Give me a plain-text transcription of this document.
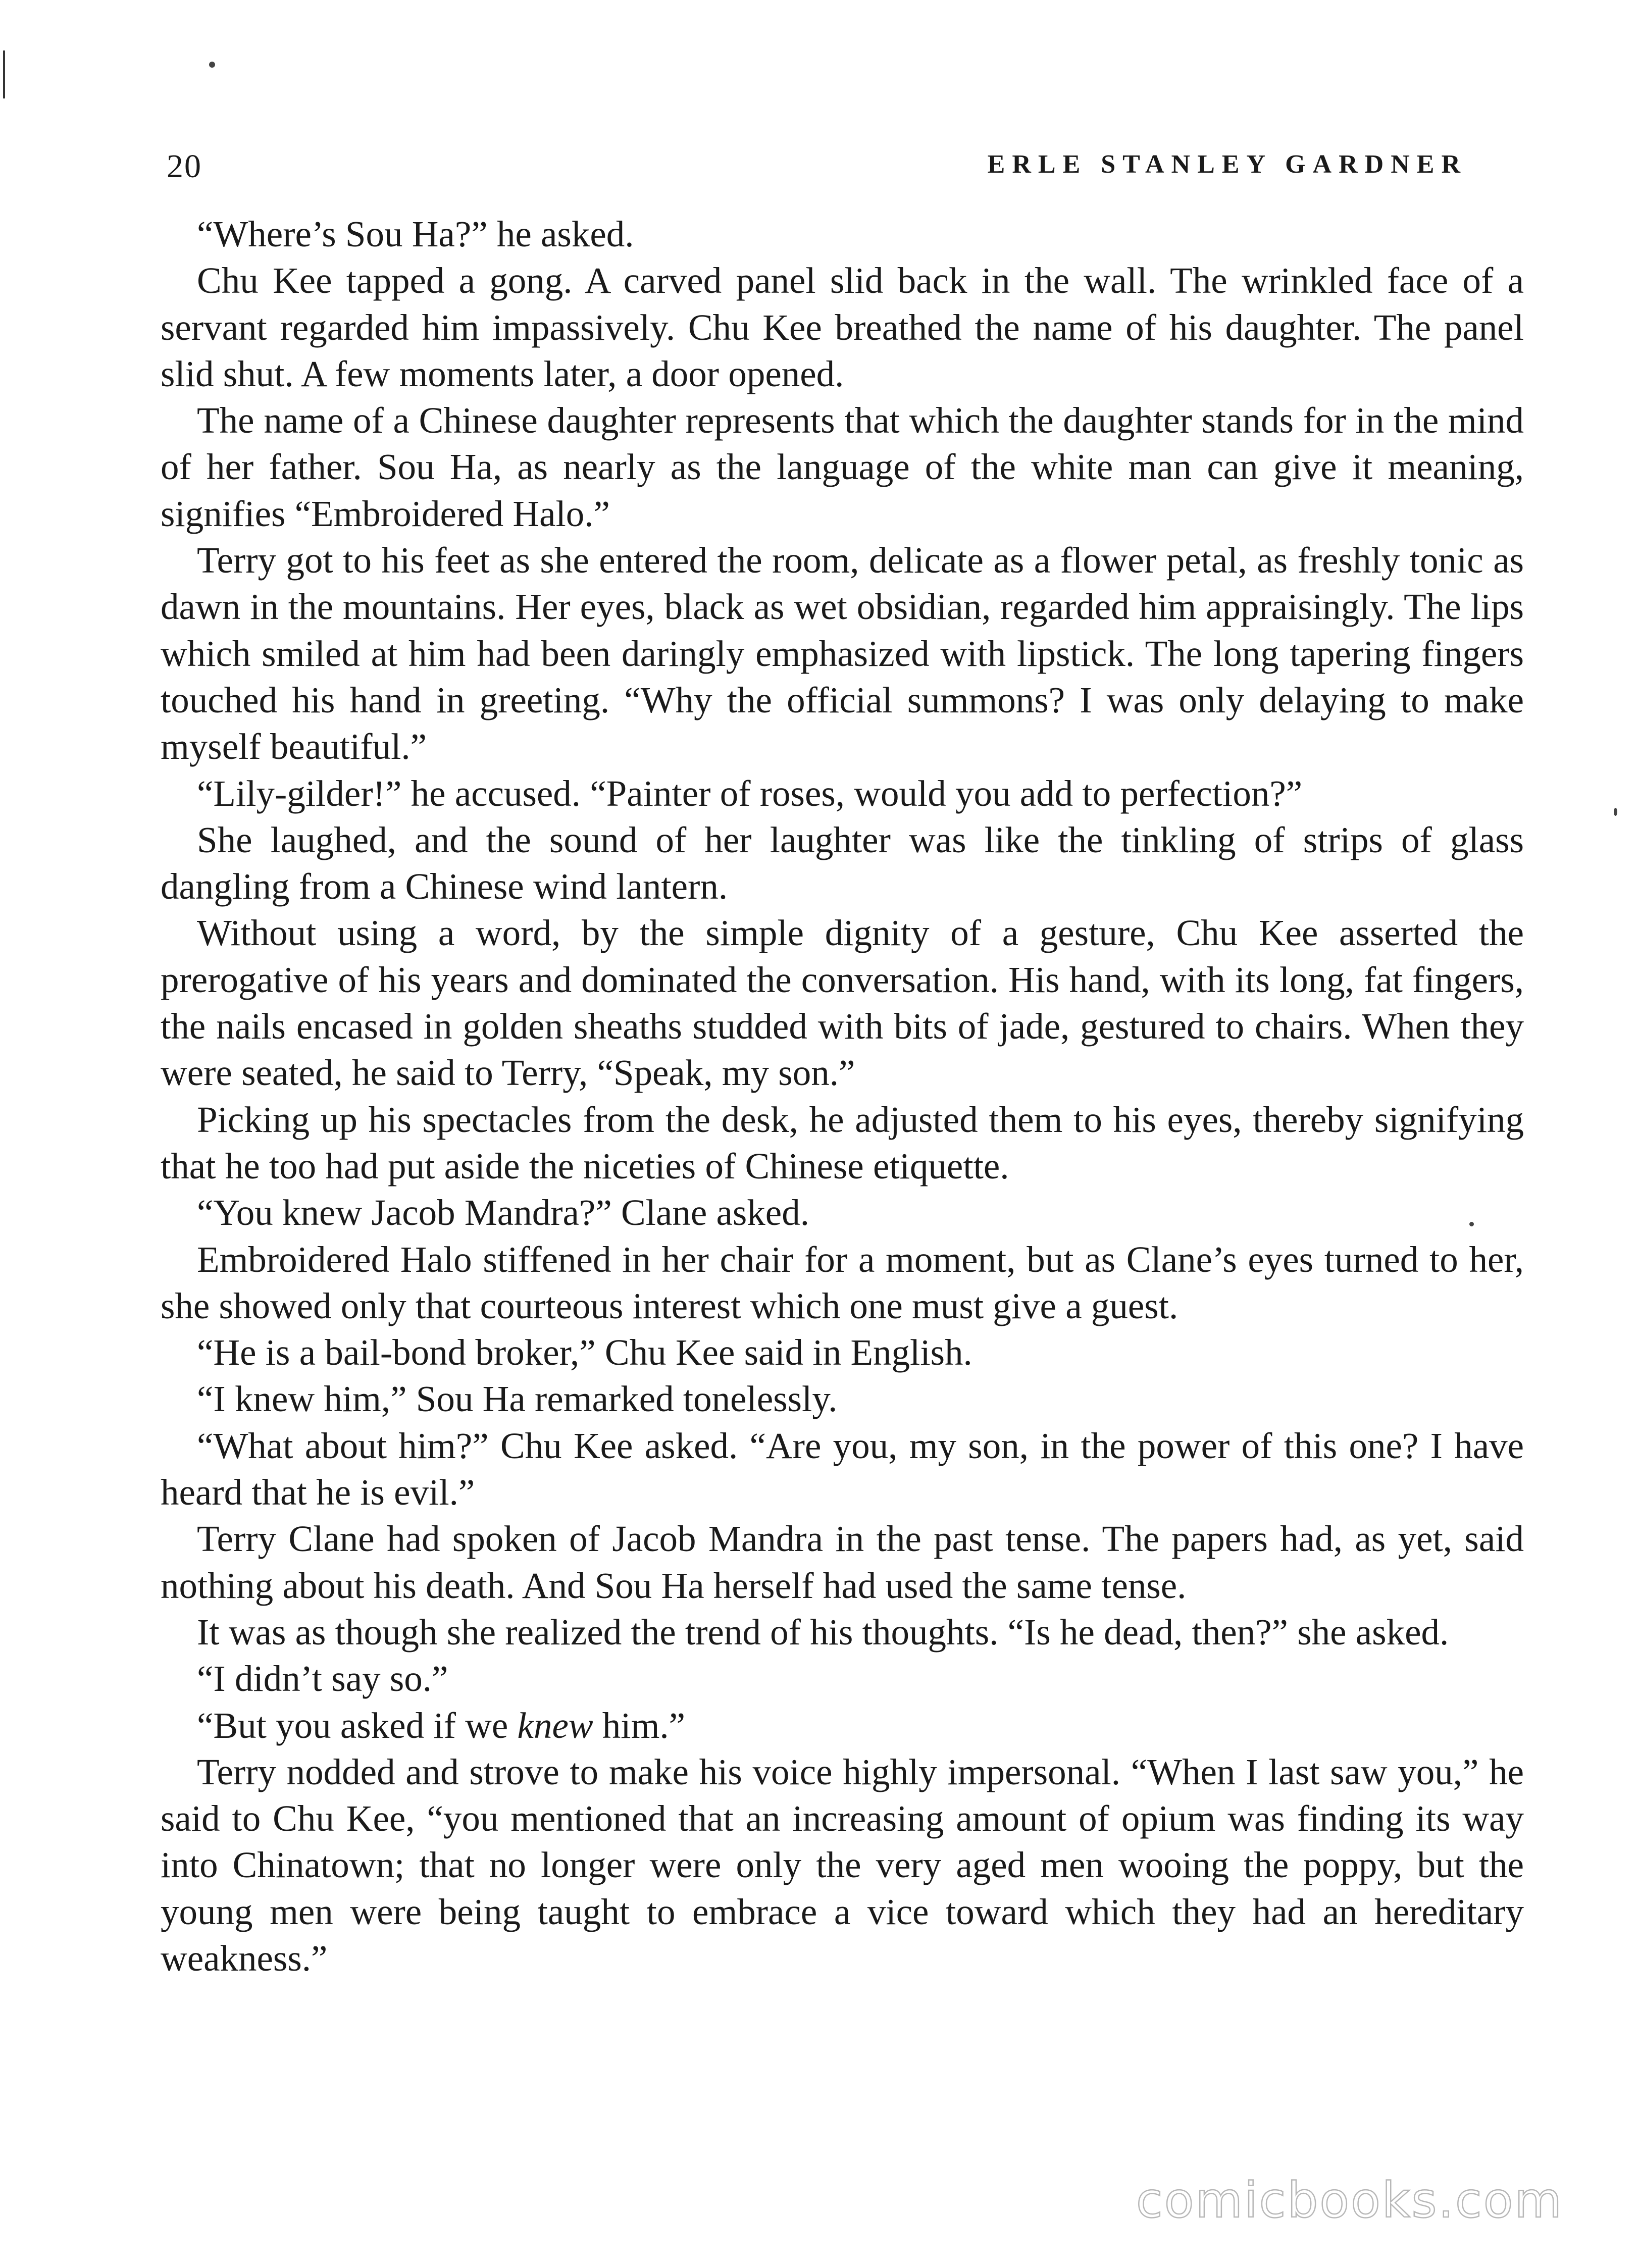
20	ERLE STANLEY GARDNER

“Where’s Sou Ha?” he asked.

Chu Kee tapped a gong. A carved panel slid back in the wall. The wrinkled face of a servant regarded him impassively. Chu Kee breathed the name of his daughter. The panel slid shut. A few moments later, a door opened.

The name of a Chinese daughter represents that which the daughter stands for in the mind of her father. Sou Ha, as nearly as the language of the white man can give it meaning, signifies “Embroidered Halo.”

Terry got to his feet as she entered the room, delicate as a flower petal, as freshly tonic as dawn in the mountains. Her eyes, black as wet obsidian, regarded him appraisingly. The lips which smiled at him had been daringly emphasized with lipstick. The long tapering fingers touched his hand in greeting. “Why the official summons? I was only delaying to make myself beautiful.”

“Lily-gilder!” he accused. “Painter of roses, would you add to perfection?”

She laughed, and the sound of her laughter was like the tinkling of strips of glass dangling from a Chinese wind lantern.

Without using a word, by the simple dignity of a gesture, Chu Kee asserted the prerogative of his years and dominated the conversation. His hand, with its long, fat fingers, the nails encased in golden sheaths studded with bits of jade, gestured to chairs. When they were seated, he said to Terry, “Speak, my son.”

Picking up his spectacles from the desk, he adjusted them to his eyes, thereby signifying that he too had put aside the niceties of Chinese etiquette.

“You knew Jacob Mandra?” Clane asked.

Embroidered Halo stiffened in her chair for a moment, but as Clane’s eyes turned to her, she showed only that courteous interest which one must give a guest.

“He is a bail-bond broker,” Chu Kee said in English.

“I knew him,” Sou Ha remarked tonelessly.

“What about him?” Chu Kee asked. “Are you, my son, in the power of this one? I have heard that he is evil.”

Terry Clane had spoken of Jacob Mandra in the past tense. The papers had, as yet, said nothing about his death. And Sou Ha herself had used the same tense.

It was as though she realized the trend of his thoughts. “Is he dead, then?” she asked.

“I didn’t say so.”

“But you asked if we knew him.”

Terry nodded and strove to make his voice highly impersonal. “When I last saw you,” he said to Chu Kee, “you mentioned that an increasing amount of opium was finding its way into Chinatown; that no longer were only the very aged men wooing the poppy, but the young men were being taught to embrace a vice toward which they had an hereditary weakness.”

comicbooks.com
